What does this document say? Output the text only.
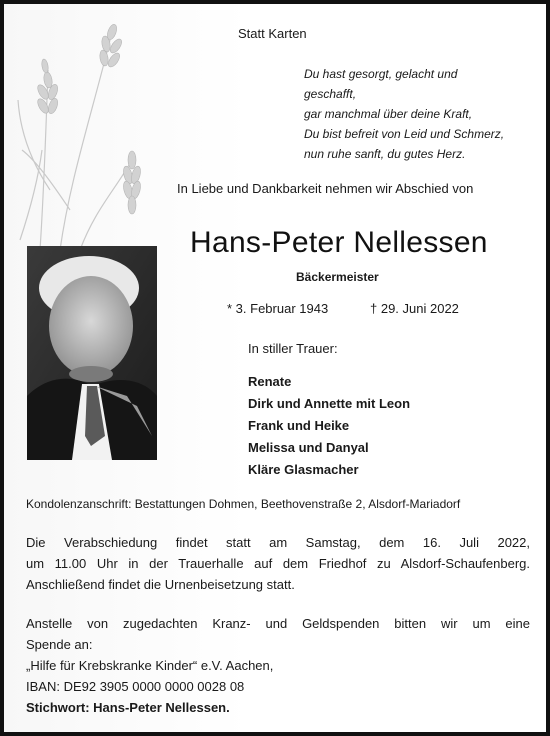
Statt Karten
Du hast gesorgt, gelacht und
geschafft,
gar manchmal über deine Kraft,
Du bist befreit von Leid und Schmerz,
nun ruhe sanft, du gutes Herz.
In Liebe und Dankbarkeit nehmen wir Abschied von
Hans-Peter Nellessen
Bäckermeister
* 3. Februar 1943	† 29. Juni 2022
In stiller Trauer:
Renate
Dirk und Annette mit Leon
Frank und Heike
Melissa und Danyal
Kläre Glasmacher
Kondolenzanschrift: Bestattungen Dohmen, Beethovenstraße 2, Alsdorf-Mariadorf
Die Verabschiedung findet statt am Samstag, dem 16. Juli 2022,
um 11.00 Uhr in der Trauerhalle auf dem Friedhof zu Alsdorf-Schaufenberg.
Anschließend findet die Urnenbeisetzung statt.
Anstelle von zugedachten Kranz- und Geldspenden bitten wir um eine
Spende an:
„Hilfe für Krebskranke Kinder“ e.V. Aachen,
IBAN: DE92 3905 0000 0000 0028 08
Stichwort: Hans-Peter Nellessen.
